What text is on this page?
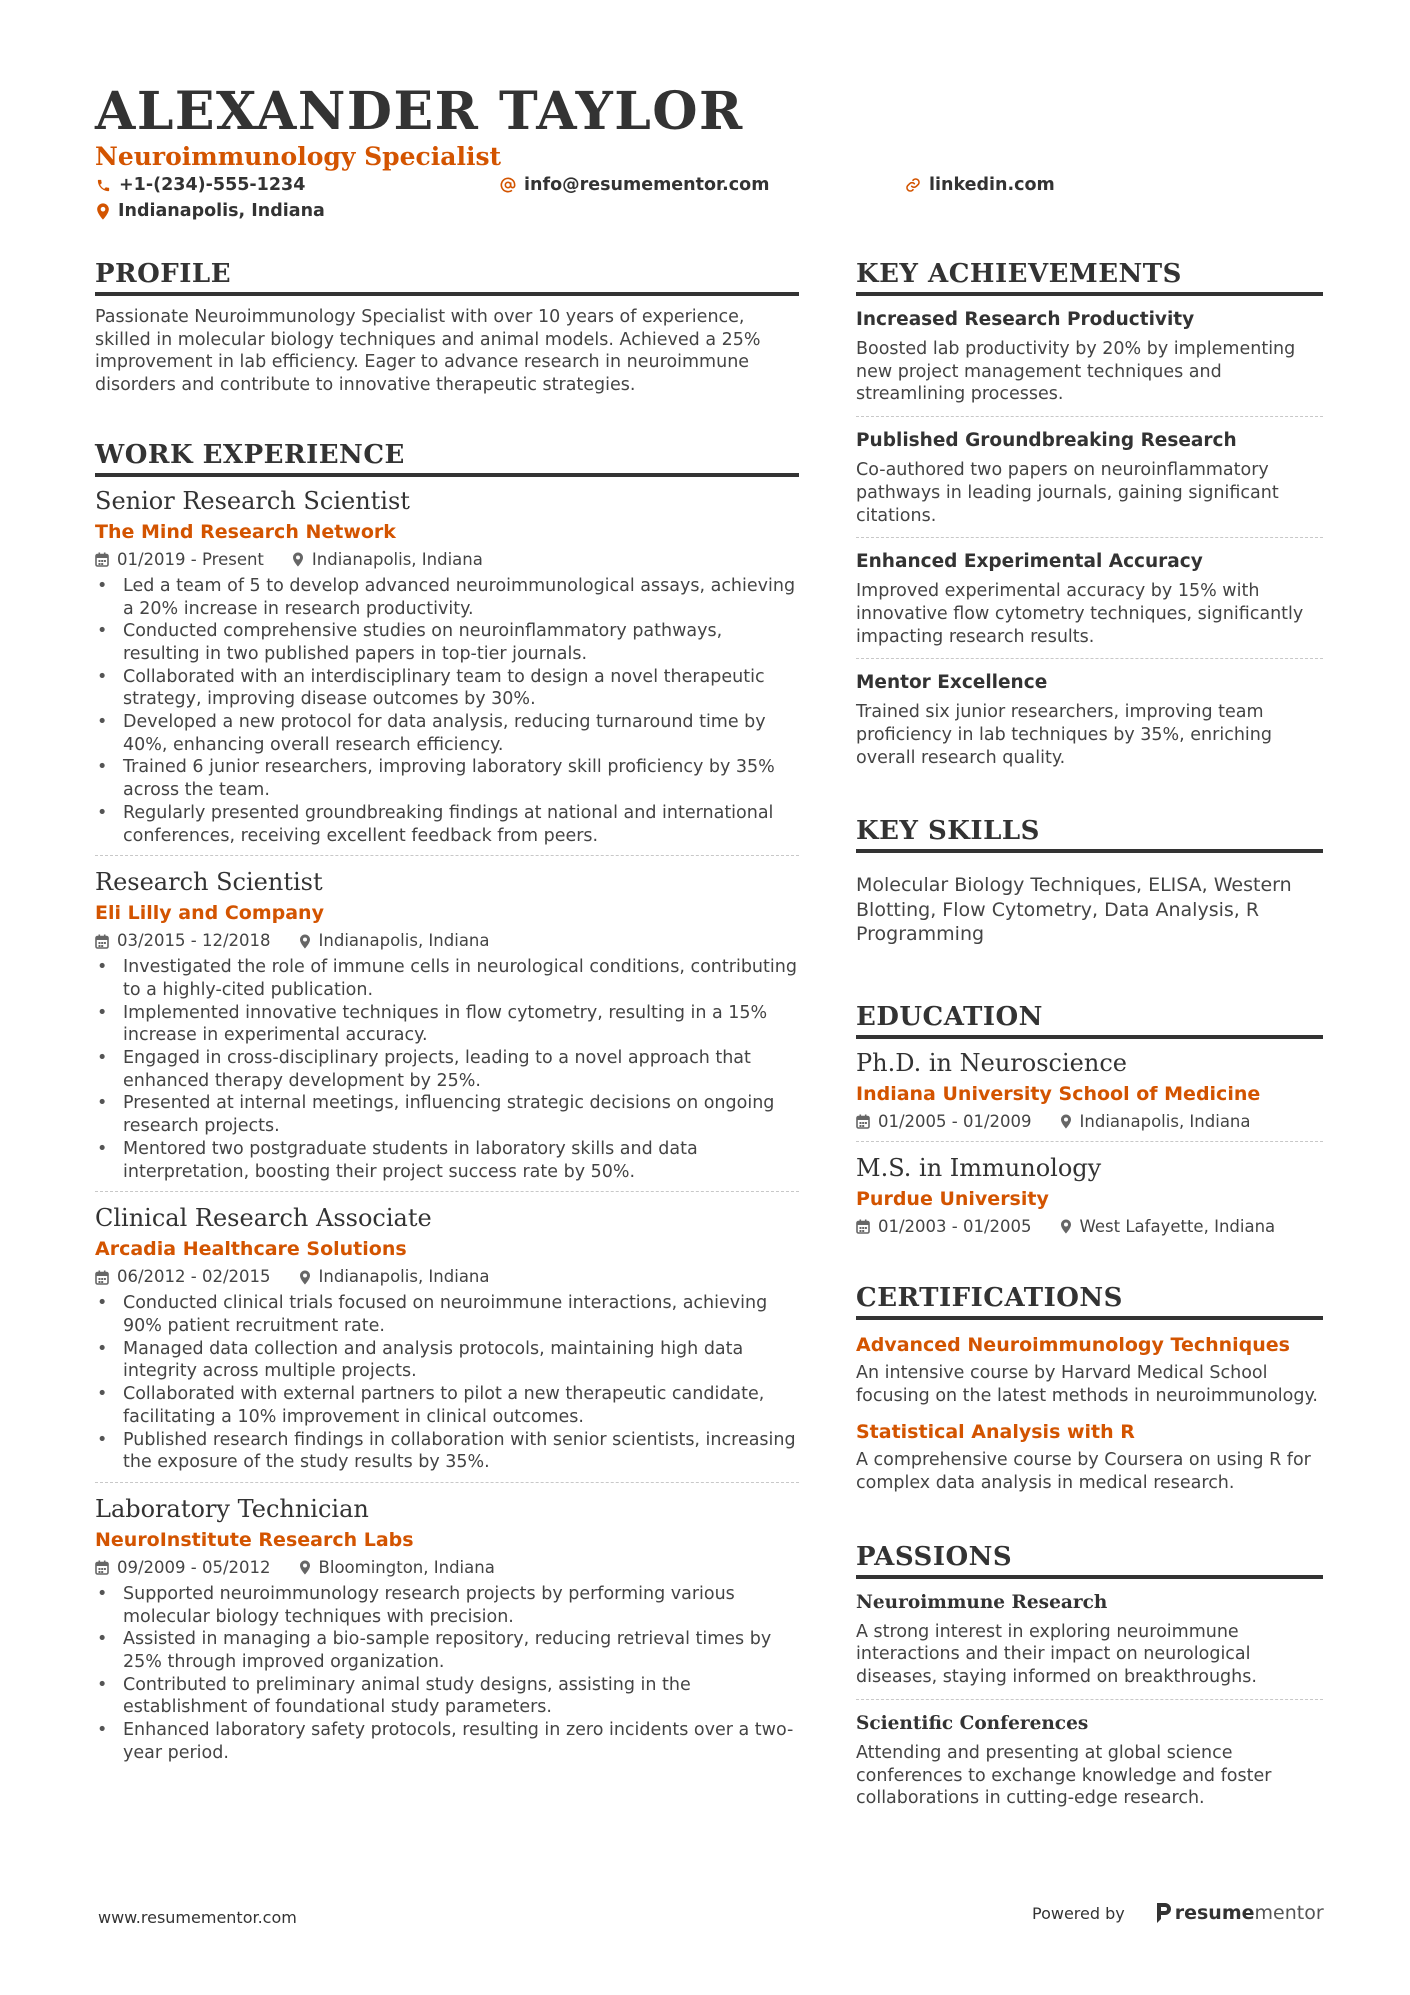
ALEXANDER TAYLOR
Neuroimmunology Specialist
+1-(234)-555-1234	info@resumementor.com	linkedin.com
Indianapolis, Indiana
PROFILE
Passionate Neuroimmunology Specialist with over 10 years of experience, skilled in molecular biology techniques and animal models. Achieved a 25% improvement in lab efficiency. Eager to advance research in neuroimmune disorders and contribute to innovative therapeutic strategies.
WORK EXPERIENCE
Senior Research Scientist
The Mind Research Network
01/2019 - Present	Indianapolis, Indiana
• Led a team of 5 to develop advanced neuroimmunological assays, achieving a 20% increase in research productivity.
• Conducted comprehensive studies on neuroinflammatory pathways, resulting in two published papers in top-tier journals.
• Collaborated with an interdisciplinary team to design a novel therapeutic strategy, improving disease outcomes by 30%.
• Developed a new protocol for data analysis, reducing turnaround time by 40%, enhancing overall research efficiency.
• Trained 6 junior researchers, improving laboratory skill proficiency by 35% across the team.
• Regularly presented groundbreaking findings at national and international conferences, receiving excellent feedback from peers.
Research Scientist
Eli Lilly and Company
03/2015 - 12/2018	Indianapolis, Indiana
• Investigated the role of immune cells in neurological conditions, contributing to a highly-cited publication.
• Implemented innovative techniques in flow cytometry, resulting in a 15% increase in experimental accuracy.
• Engaged in cross-disciplinary projects, leading to a novel approach that enhanced therapy development by 25%.
• Presented at internal meetings, influencing strategic decisions on ongoing research projects.
• Mentored two postgraduate students in laboratory skills and data interpretation, boosting their project success rate by 50%.
Clinical Research Associate
Arcadia Healthcare Solutions
06/2012 - 02/2015	Indianapolis, Indiana
• Conducted clinical trials focused on neuroimmune interactions, achieving 90% patient recruitment rate.
• Managed data collection and analysis protocols, maintaining high data integrity across multiple projects.
• Collaborated with external partners to pilot a new therapeutic candidate, facilitating a 10% improvement in clinical outcomes.
• Published research findings in collaboration with senior scientists, increasing the exposure of the study results by 35%.
Laboratory Technician
NeuroInstitute Research Labs
09/2009 - 05/2012	Bloomington, Indiana
• Supported neuroimmunology research projects by performing various molecular biology techniques with precision.
• Assisted in managing a bio-sample repository, reducing retrieval times by 25% through improved organization.
• Contributed to preliminary animal study designs, assisting in the establishment of foundational study parameters.
• Enhanced laboratory safety protocols, resulting in zero incidents over a two-year period.
KEY ACHIEVEMENTS
Increased Research Productivity
Boosted lab productivity by 20% by implementing new project management techniques and streamlining processes.
Published Groundbreaking Research
Co-authored two papers on neuroinflammatory pathways in leading journals, gaining significant citations.
Enhanced Experimental Accuracy
Improved experimental accuracy by 15% with innovative flow cytometry techniques, significantly impacting research results.
Mentor Excellence
Trained six junior researchers, improving team proficiency in lab techniques by 35%, enriching overall research quality.
KEY SKILLS
Molecular Biology Techniques, ELISA, Western Blotting, Flow Cytometry, Data Analysis, R Programming
EDUCATION
Ph.D. in Neuroscience
Indiana University School of Medicine
01/2005 - 01/2009	Indianapolis, Indiana
M.S. in Immunology
Purdue University
01/2003 - 01/2005	West Lafayette, Indiana
CERTIFICATIONS
Advanced Neuroimmunology Techniques
An intensive course by Harvard Medical School focusing on the latest methods in neuroimmunology.
Statistical Analysis with R
A comprehensive course by Coursera on using R for complex data analysis in medical research.
PASSIONS
Neuroimmune Research
A strong interest in exploring neuroimmune interactions and their impact on neurological diseases, staying informed on breakthroughs.
Scientific Conferences
Attending and presenting at global science conferences to exchange knowledge and foster collaborations in cutting-edge research.
www.resumementor.com	Powered by	resume mentor
